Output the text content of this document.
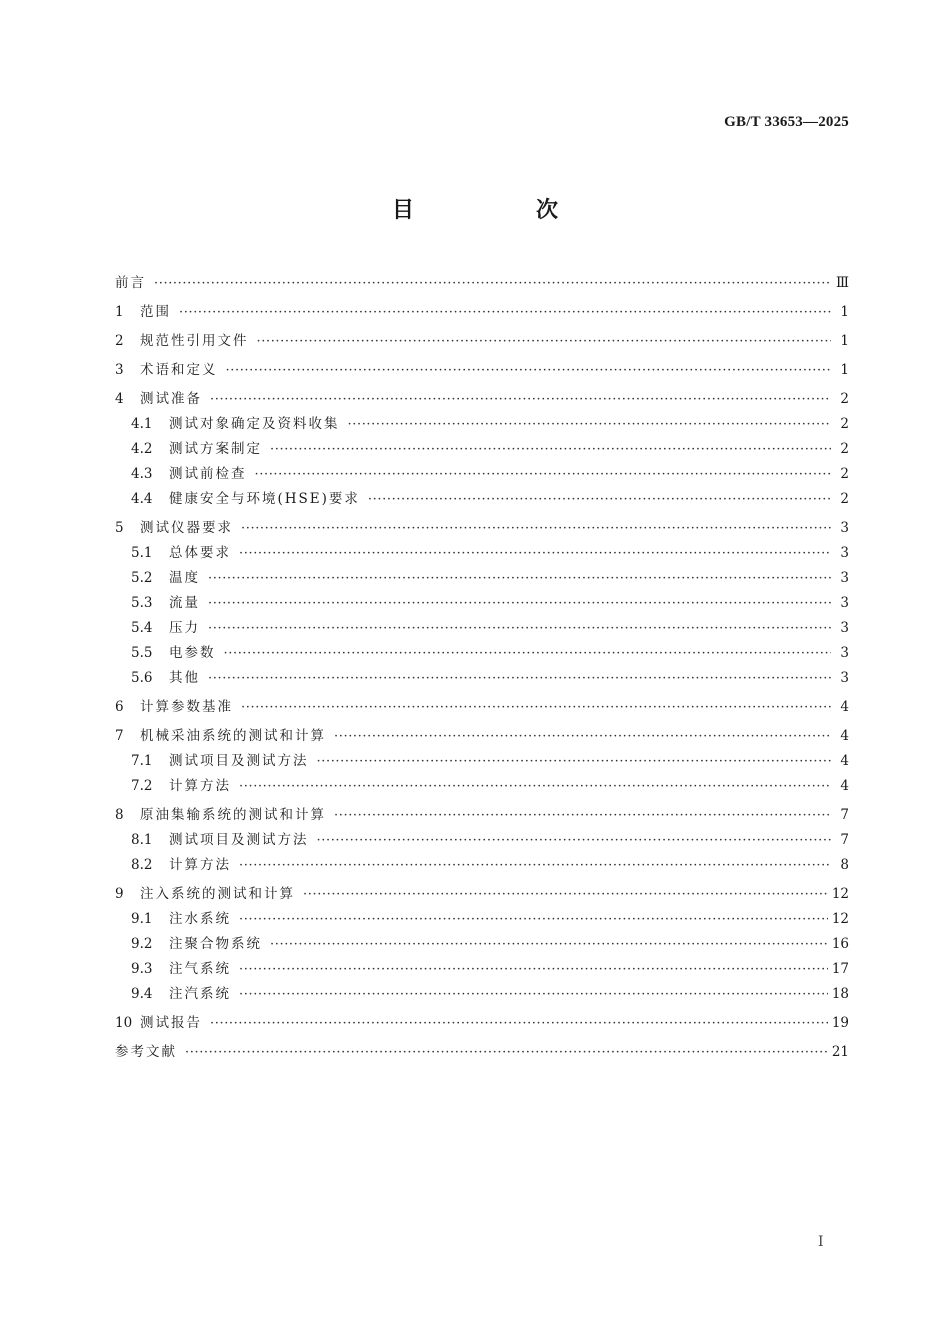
GB/T 33653—2025
目　次
前言 ·····	Ⅲ
1	范围 ·····	1
2	规范性引用文件 ·····	1
3	术语和定义 ·····	1
4	测试准备 ·····	2
4.1	测试对象确定及资料收集 ·····	2
4.2	测试方案制定 ·····	2
4.3	测试前检查 ·····	2
4.4	健康安全与环境(HSE)要求 ·····	2
5	测试仪器要求 ·····	3
5.1	总体要求 ·····	3
5.2	温度 ·····	3
5.3	流量 ·····	3
5.4	压力 ·····	3
5.5	电参数 ·····	3
5.6	其他 ·····	3
6	计算参数基准 ·····	4
7	机械采油系统的测试和计算 ·····	4
7.1	测试项目及测试方法 ·····	4
7.2	计算方法 ·····	4
8	原油集输系统的测试和计算 ·····	7
8.1	测试项目及测试方法 ·····	7
8.2	计算方法 ·····	8
9	注入系统的测试和计算 ·····	12
9.1	注水系统 ·····	12
9.2	注聚合物系统 ·····	16
9.3	注气系统 ·····	17
9.4	注汽系统 ·····	18
10 测试报告 ·····	19
参考文献 ·····	21
Ⅰ
